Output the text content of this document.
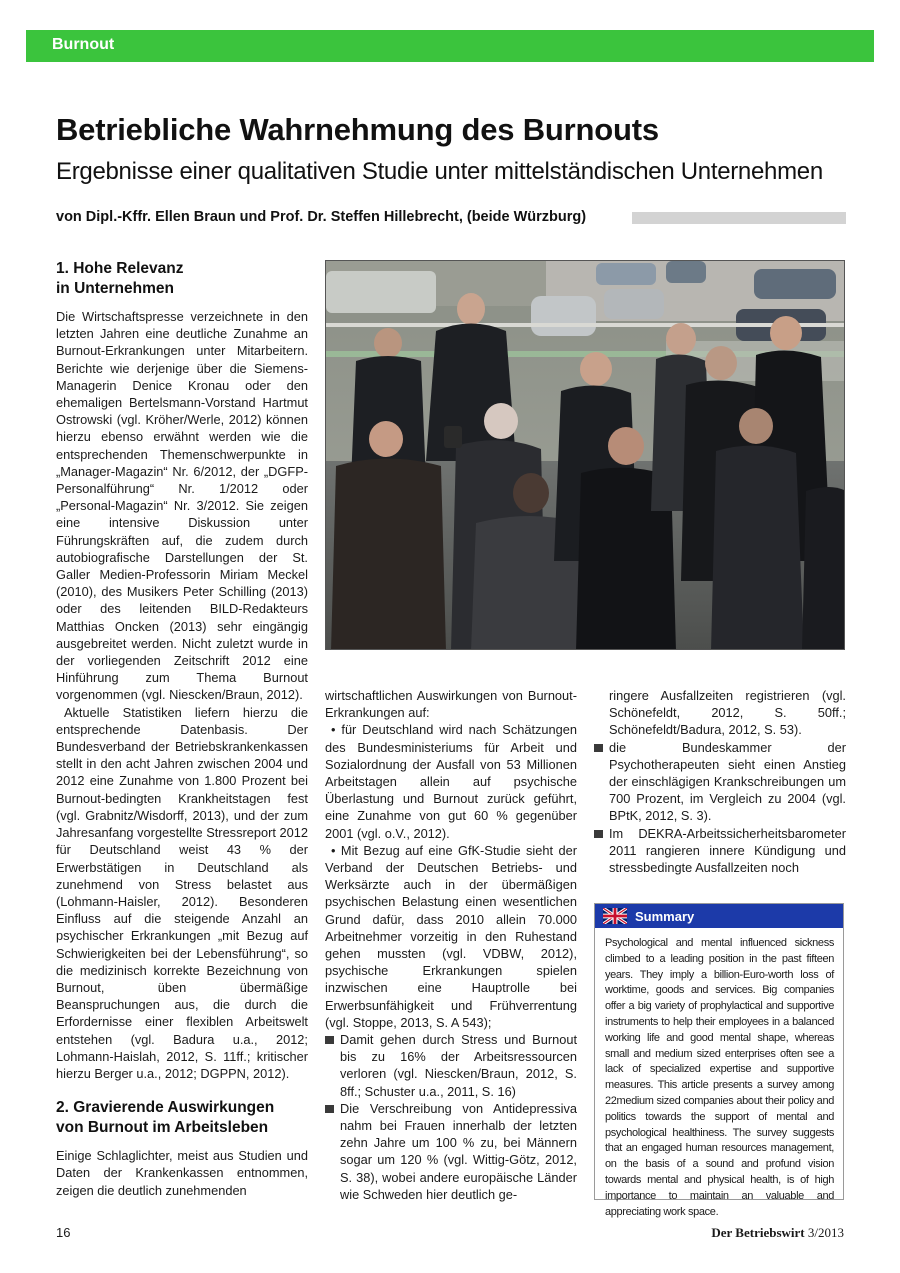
Burnout
Betriebliche Wahrnehmung des Burnouts
Ergebnisse einer qualitativen Studie unter mittelständischen Unternehmen
von Dipl.-Kffr. Ellen Braun und Prof. Dr. Steffen Hillebrecht, (beide Würzburg)
1. Hohe Relevanz
in Unternehmen

Die Wirtschaftspresse verzeichnete in den letzten Jahren eine deutliche Zunahme an Burnout-Erkrankungen unter Mitarbeitern. Berichte wie derjenige über die Siemens-Managerin Denice Kronau oder den ehemaligen Bertelsmann-Vorstand Hartmut Ostrowski (vgl. Kröher/Werle, 2012) können hierzu ebenso erwähnt werden wie die entsprechenden Themenschwerpunkte in „Manager-Magazin“ Nr. 6/2012, der „DGFP-Personalführung“ Nr. 1/2012 oder „Personal-Magazin“ Nr. 3/2012. Sie zeigen eine intensive Diskussion unter Führungskräften auf, die zudem durch autobiografische Darstellungen der St. Galler Medien-Professorin Miriam Meckel (2010), des Musikers Peter Schilling (2013) oder des leitenden BILD-Redakteurs Matthias Oncken (2013) sehr eingängig ausgebreitet werden. Nicht zuletzt wurde in der vorliegenden Zeitschrift 2012 eine Hinführung zum Thema Burnout vorgenommen (vgl. Niescken/Braun, 2012).

Aktuelle Statistiken liefern hierzu die entsprechende Datenbasis. Der Bundesverband der Betriebskrankenkassen stellt in den acht Jahren zwischen 2004 und 2012 eine Zunahme von 1.800 Prozent bei Burnout-bedingten Krankheitstagen fest (vgl. Grabnitz/Wisdorff, 2013), und der zum Jahresanfang vorgestellte Stressreport 2012 für Deutschland weist 43 % der Erwerbstätigen in Deutschland als zunehmend von Stress belastet aus (Lohmann-Haisler, 2012). Besonderen Einfluss auf die steigende Anzahl an psychischer Erkrankungen „mit Bezug auf Schwierigkeiten bei der Lebensführung“, so die medizinisch korrekte Bezeichnung von Burnout, üben übermäßige Beanspruchungen aus, die durch die Erfordernisse einer flexiblen Arbeitswelt entstehen (vgl. Badura u.a., 2012; Lohmann-Haislah, 2012, S. 11ff.; kritischer hierzu Berger u.a., 2012; DGPPN, 2012).

2. Gravierende Auswirkungen
von Burnout im Arbeitsleben

Einige Schlaglichter, meist aus Studien und Daten der Krankenkassen entnommen, zeigen die deutlich zunehmenden

wirtschaftlichen Auswirkungen von Burnout-Erkrankungen auf:

• für Deutschland wird nach Schätzungen des Bundesministeriums für Arbeit und Sozialordnung der Ausfall von 53 Millionen Arbeitstagen allein auf psychische Überlastung und Burnout zurück geführt, eine Zunahme von gut 60 % gegenüber 2001 (vgl. o.V., 2012).

• Mit Bezug auf eine GfK-Studie sieht der Verband der Deutschen Betriebs- und Werksärzte auch in der übermäßigen psychischen Belastung einen wesentlichen Grund dafür, dass 2010 allein 70.000 Arbeitnehmer vorzeitig in den Ruhestand gehen mussten (vgl. VDBW, 2012), psychische Erkrankungen spielen inzwischen eine Hauptrolle bei Erwerbsunfähigkeit und Frühverrentung (vgl. Stoppe, 2013, S. A 543);

Damit gehen durch Stress und Burnout bis zu 16% der Arbeitsressourcen verloren (vgl. Niescken/Braun, 2012, S. 8ff.; Schuster u.a., 2011, S. 16)
Die Verschreibung von Antidepressiva nahm bei Frauen innerhalb der letzten zehn Jahre um 100 % zu, bei Männern sogar um 120 % (vgl. Wittig-Götz, 2012, S. 38), wobei andere europäische Länder wie Schweden hier deutlich ge-

ringere Ausfallzeiten registrieren (vgl. Schönefeldt, 2012, S. 50ff.; Schönefeldt/Badura, 2012, S. 53).

die Bundeskammer der Psychotherapeuten sieht einen Anstieg der einschlägigen Krankschreibungen um 700 Prozent, im Vergleich zu 2004 (vgl. BPtK, 2012, S. 3).
Im DEKRA-Arbeitssicherheitsbarometer 2011 rangieren innere Kündigung und stressbedingte Ausfallzeiten noch
Summary
Psychological and mental influenced sickness climbed to a leading position in the past fifteen years. They imply a billion-Euro-worth loss of worktime, goods and services. Big companies offer a big variety of prophylactical and supportive instruments to help their employees in a balanced working life and good mental shape, whereas small and medium sized enterprises often see a lack of specialized expertise and supportive measures. This article presents a survey among 22medium sized companies about their policy and politics towards the support of mental and psychological healthiness. The survey suggests that an engaged human resources management, on the basis of a sound and profund vision towards mental and physical health, is of high importance to maintain an valuable and appreciating work space.
16	Der Betriebswirt 3/2013
